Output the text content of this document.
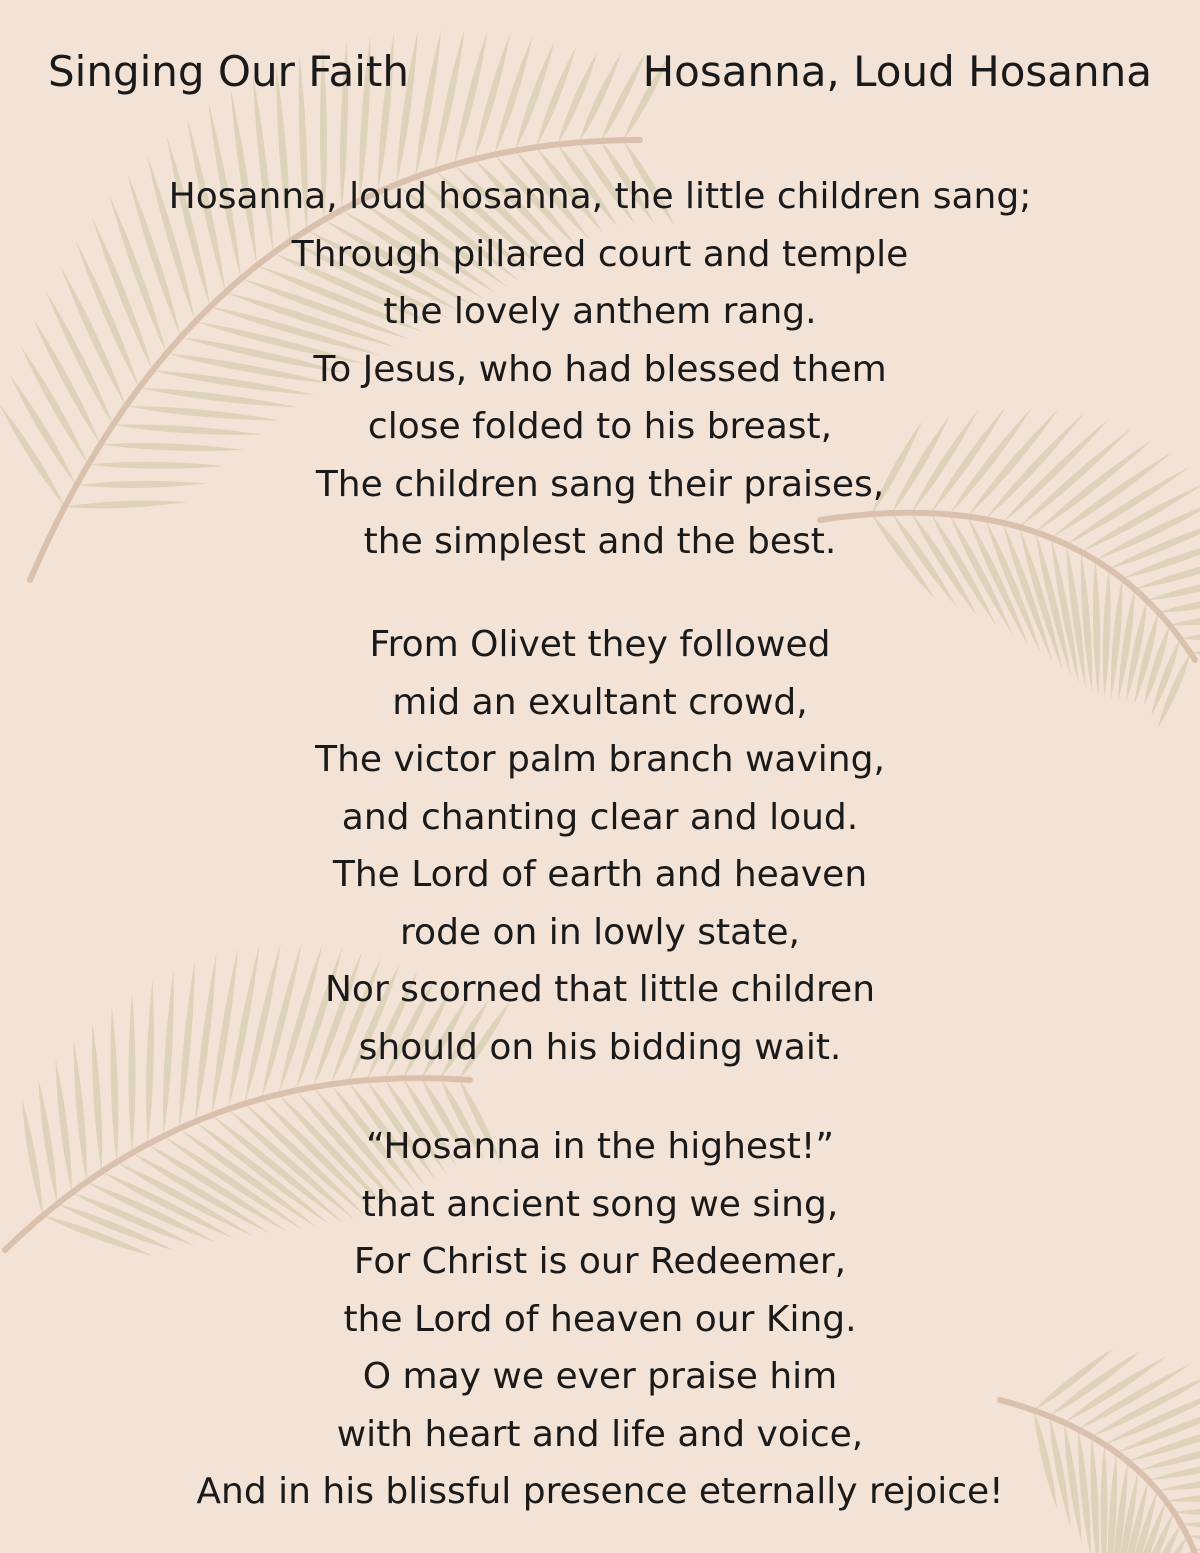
Singing Our Faith	Hosanna, Loud Hosanna
Hosanna, loud hosanna, the little children sang;
Through pillared court and temple
the lovely anthem rang.
To Jesus, who had blessed them
close folded to his breast,
The children sang their praises,
the simplest and the best.
From Olivet they followed
mid an exultant crowd,
The victor palm branch waving,
and chanting clear and loud.
The Lord of earth and heaven
rode on in lowly state,
Nor scorned that little children
should on his bidding wait.
“Hosanna in the highest!”
that ancient song we sing,
For Christ is our Redeemer,
the Lord of heaven our King.
O may we ever praise him
with heart and life and voice,
And in his blissful presence eternally rejoice!
